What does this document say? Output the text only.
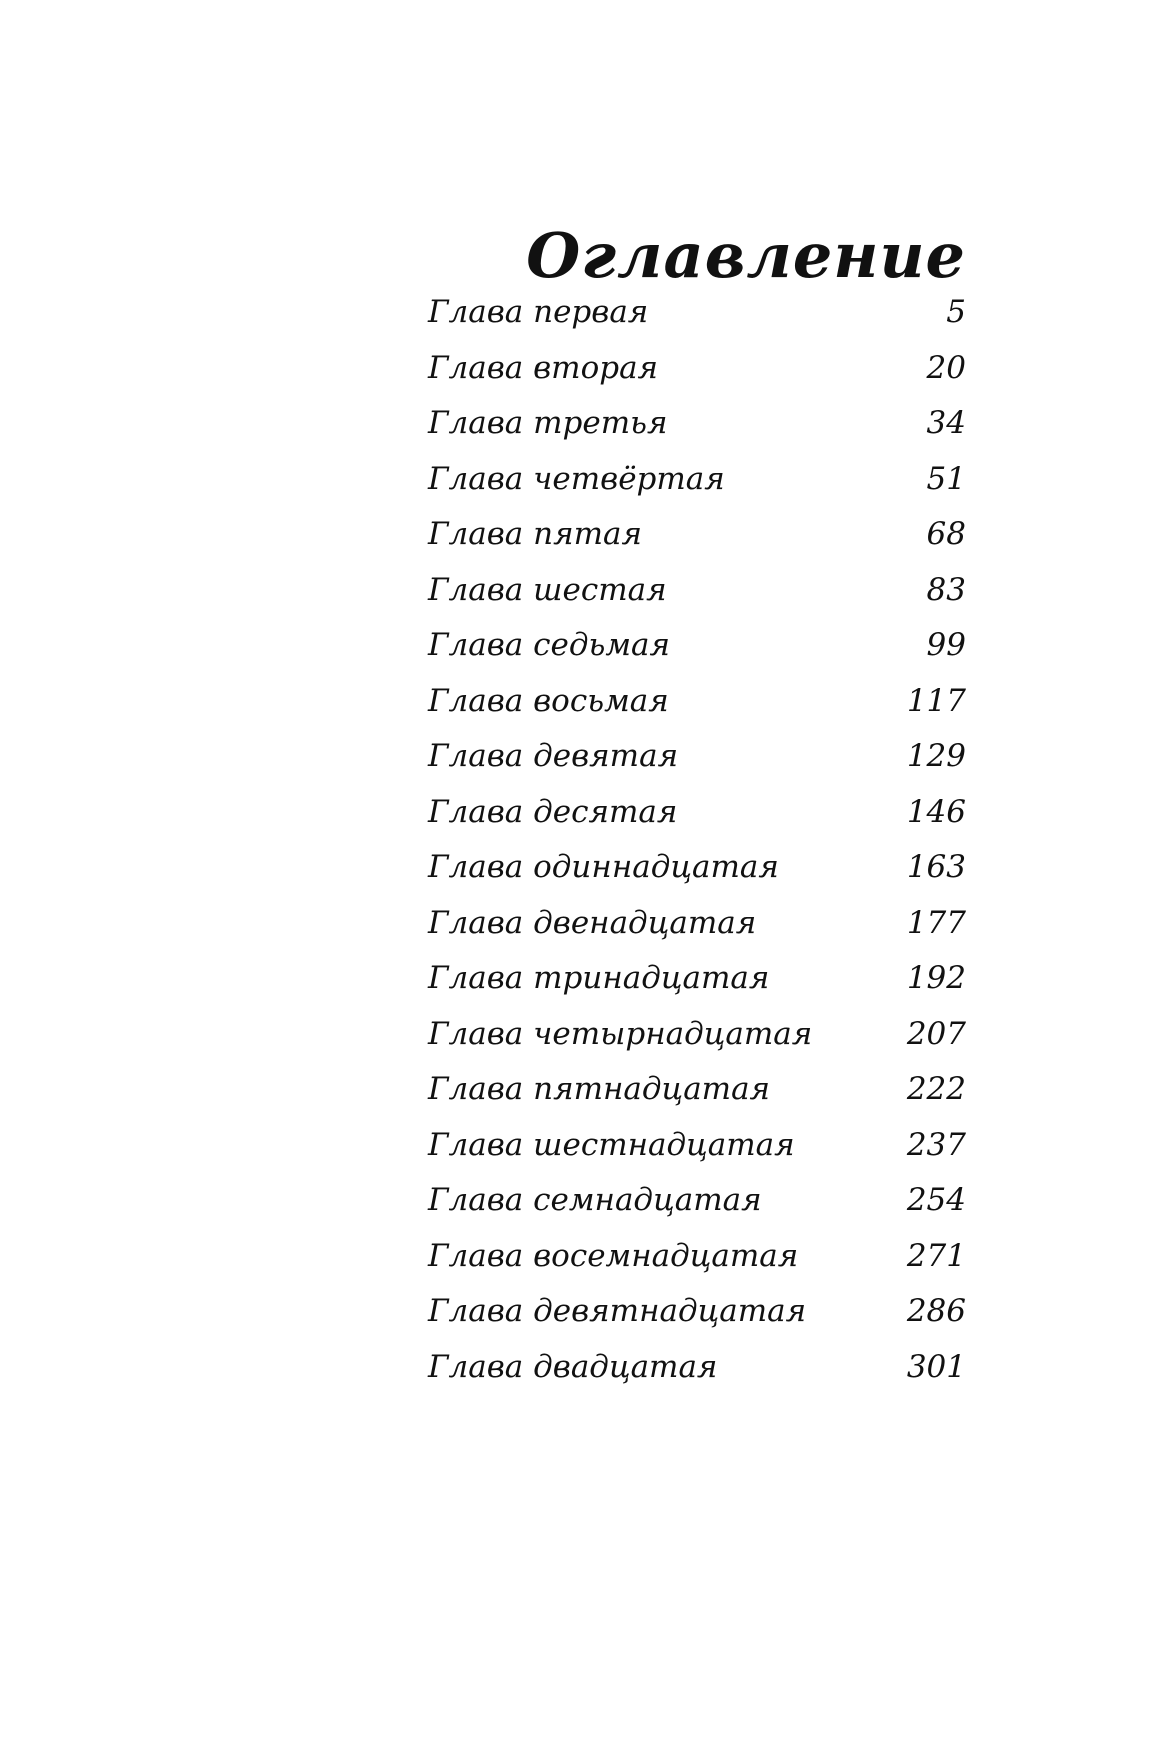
Оглавление
Глава первая	5
Глава вторая	20
Глава третья	34
Глава четвёртая	51
Глава пятая	68
Глава шестая	83
Глава седьмая	99
Глава восьмая	117
Глава девятая	129
Глава десятая	146
Глава одиннадцатая	163
Глава двенадцатая	177
Глава тринадцатая	192
Глава четырнадцатая	207
Глава пятнадцатая	222
Глава шестнадцатая	237
Глава семнадцатая	254
Глава восемнадцатая	271
Глава девятнадцатая	286
Глава двадцатая	301
